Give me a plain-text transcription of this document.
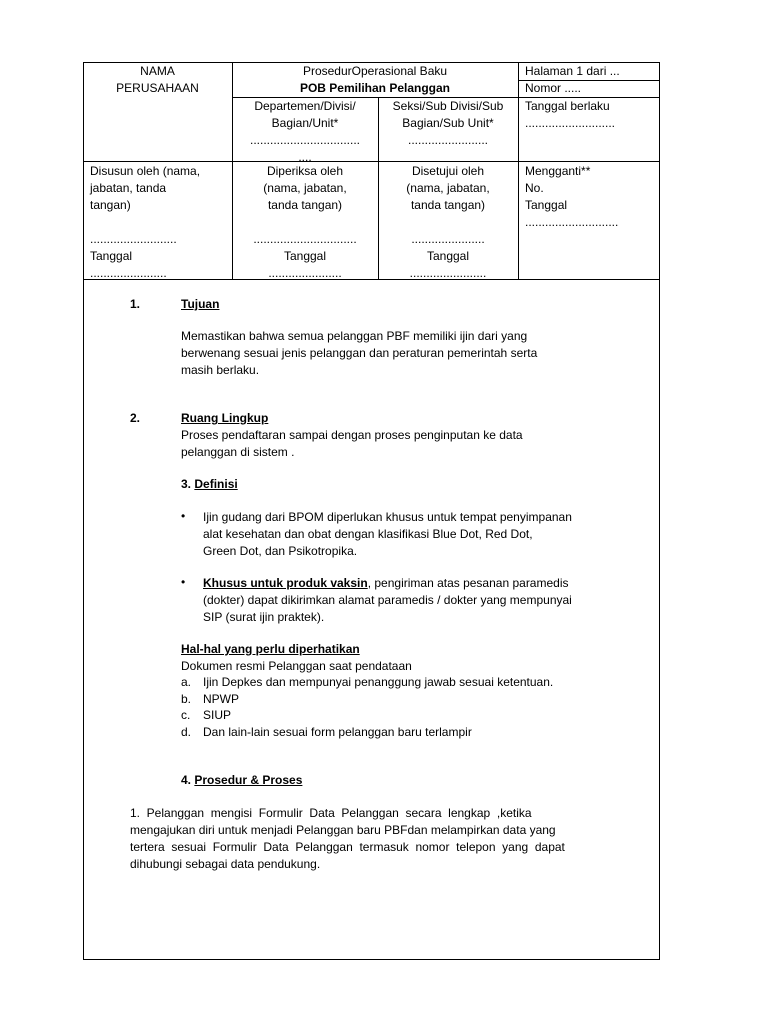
NAMA
PERUSAHAAN
ProsedurOperasional Baku
POB Pemilihan Pelanggan
Halaman 1 dari ...
Nomor .....
Departemen/Divisi/
Bagian/Unit*
.................................
....
Seksi/Sub Divisi/Sub
Bagian/Sub Unit*
........................
Tanggal berlaku
...........................
Disusun oleh (nama,
jabatan, tanda
tangan)
..........................
Tanggal
.......................
Diperiksa oleh
(nama, jabatan,
tanda tangan)
...............................
Tanggal
......................
Disetujui oleh
(nama, jabatan,
tanda tangan)
......................
Tanggal
.......................
Mengganti**
No.
Tanggal
............................
1.	Tujuan
Memastikan bahwa semua pelanggan PBF memiliki ijin dari yang
berwenang sesuai jenis pelanggan dan peraturan pemerintah serta
masih berlaku.
2.	Ruang Lingkup
Proses pendaftaran sampai dengan proses penginputan ke data
pelanggan di sistem .
3. Definisi
• Ijin gudang dari BPOM diperlukan khusus untuk tempat penyimpanan
alat kesehatan dan obat dengan klasifikasi Blue Dot, Red Dot,
Green Dot, dan Psikotropika.
• Khusus untuk produk vaksin, pengiriman atas pesanan paramedis
(dokter) dapat dikirimkan alamat paramedis / dokter yang mempunyai
SIP (surat ijin praktek).
Hal-hal yang perlu diperhatikan
Dokumen resmi Pelanggan saat pendataan
a. Ijin Depkes dan mempunyai penanggung jawab sesuai ketentuan.
b. NPWP
c. SIUP
d. Dan lain-lain sesuai form pelanggan baru terlampir
4. Prosedur & Proses
1.  Pelanggan  mengisi  Formulir  Data  Pelanggan  secara  lengkap  ,ketika
mengajukan diri untuk menjadi Pelanggan baru PBFdan melampirkan data yang
tertera  sesuai  Formulir  Data  Pelanggan  termasuk  nomor  telepon  yang  dapat
dihubungi sebagai data pendukung.
